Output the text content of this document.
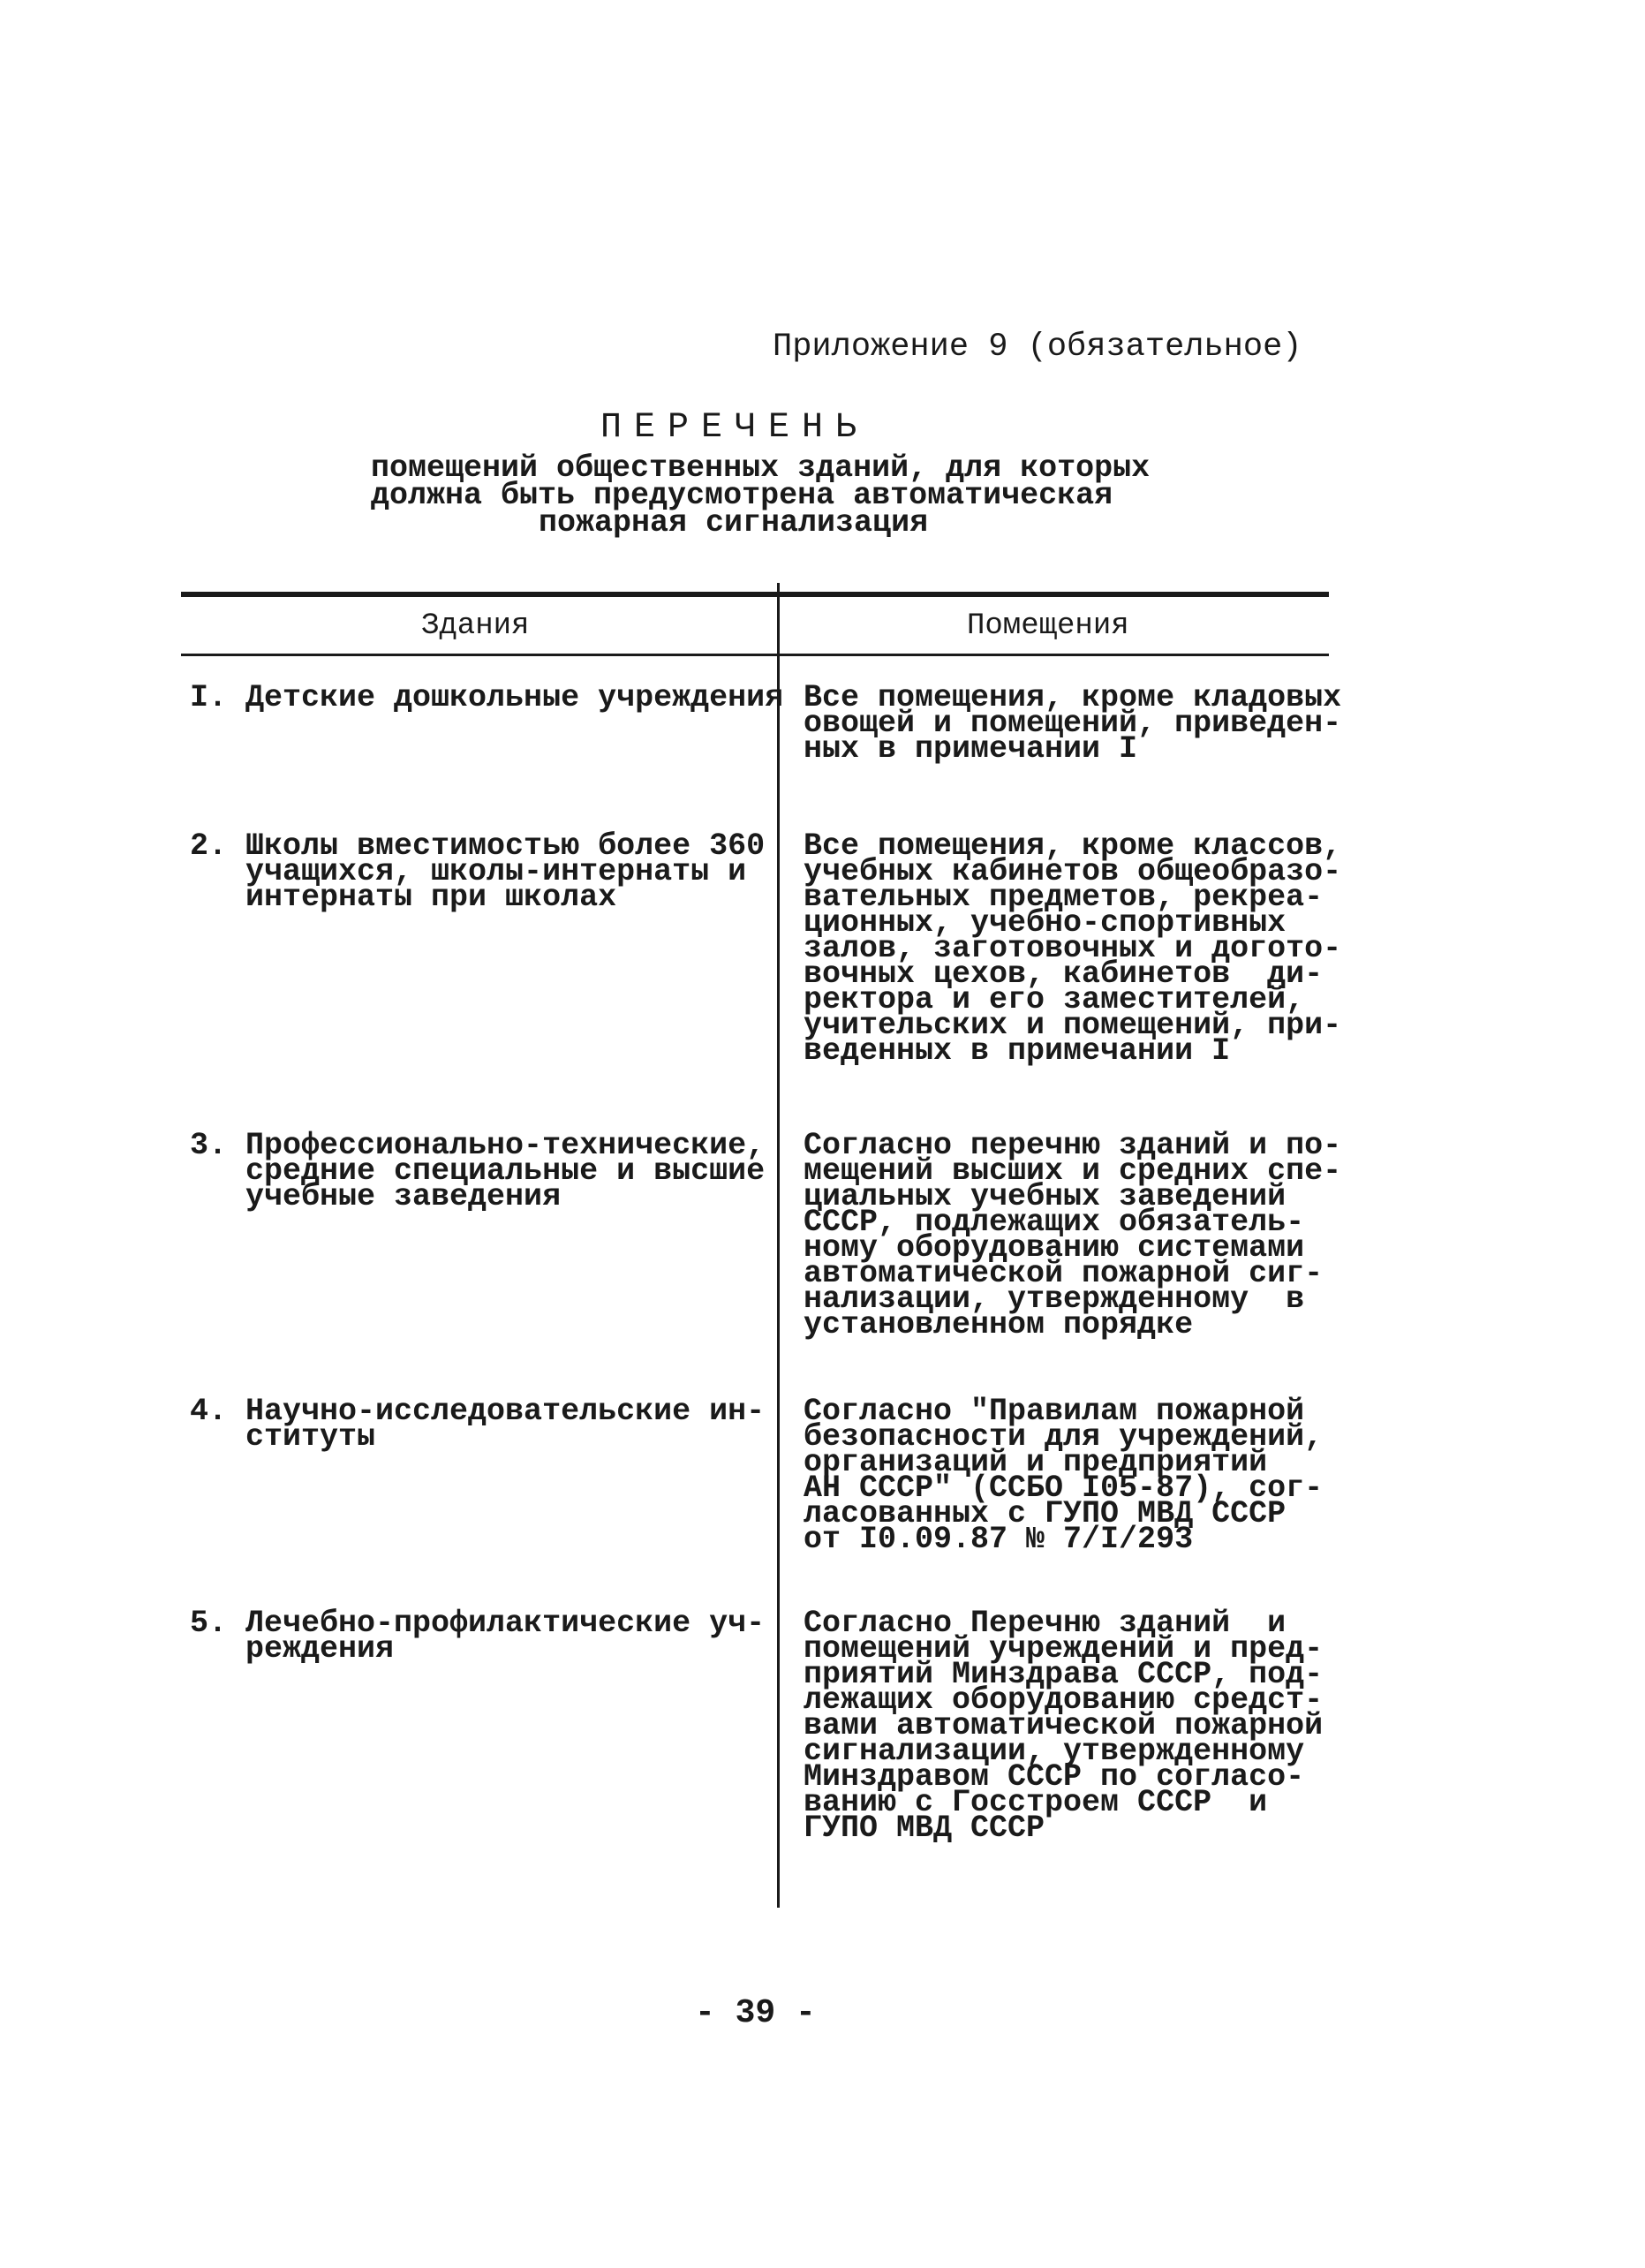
Приложение 9 (обязательное)
ПЕРЕЧЕНЬ
помещений общественных зданий, для которых
должна быть предусмотрена автоматическая
пожарная сигнализация
Здания	Помещения
I. Детские дошкольные учреждения Все помещения, кроме кладовых
овощей и помещений, приведен-
ных в примечании I
2. Школы вместимостью более 360
учащихся, школы-интернаты и
интернаты при школах
Все помещения, кроме классов,
учебных кабинетов общеобразо-
вательных предметов, рекреа-
ционных, учебно-спортивных
залов, заготовочных и догото-
вочных цехов, кабинетов  ди-
ректора и его заместителей,
учительских и помещений, при-
веденных в примечании I
3. Профессионально-технические,
средние специальные и высшие
учебные заведения
Согласно перечню зданий и по-
мещений высших и средних спе-
циальных учебных заведений
СССР, подлежащих обязатель-
ному оборудованию системами
автоматической пожарной сиг-
нализации, утвержденному  в
установленном порядке
4. Научно-исследовательские ин-
ституты
Согласно "Правилам пожарной
безопасности для учреждений,
организаций и предприятий
АН СССР" (ССБО I05-87), сог-
ласованных с ГУПО МВД СССР
от I0.09.87 № 7/I/293
5. Лечебно-профилактические уч-
реждения
Согласно Перечню зданий  и
помещений учреждений и пред-
приятий Минздрава СССР, под-
лежащих оборудованию средст-
вами автоматической пожарной
сигнализации, утвержденному
Минздравом СССР по согласо-
ванию с Госстроем СССР  и
ГУПО МВД СССР
- 39 -
